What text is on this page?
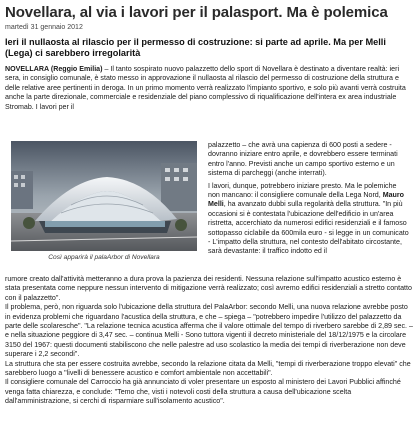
Novellara, al via i lavori per il palasport. Ma è polemica
martedì 31 gennaio 2012
Ieri il nullaosta al rilascio per il permesso di costruzione: si parte ad aprile. Ma per Melli (Lega) ci sarebbero irregolarità

NOVELLARA (Reggio Emilia) – Il tanto sospirato nuovo palazzetto dello sport di Novellara è destinato a diventare realtà: ieri sera, in consiglio comunale, è stato messo in approvazione il nullaosta al rilascio del permesso di costruzione della struttura e delle relative aree pertinenti in deroga. In un primo momento verrà realizzato l'impianto sportivo, e solo più avanti verrà costruita anche la parte direzionale, commerciale e residenziale del piano complessivo di riqualificazione dell'intera ex area industriale Stromab. I lavori per il

Così apparirà il palaArbor di Novellara

palazzetto – che avrà una capienza di 600 posti a sedere - dovranno iniziare entro aprile, e dovrebbero essere terminati entro l'anno. Previsti anche un campo sportivo esterno e un sistema di parcheggi (anche interrati).

I lavori, dunque, potrebbero iniziare presto. Ma le polemiche non mancano: il consigliere comunale della Lega Nord, Mauro Melli, ha avanzato dubbi sulla regolarità della struttura. "In più occasioni si è contestata l'ubicazione dell'edificio in un'area ristretta, accerchiato da numerosi edifici residenziali e il famoso sottopasso ciclabile da 600mila euro - si legge in un comunicato - L'impatto della struttura, nel contesto dell'abitato circostante, sarà devastante: il traffico indotto ed il

rumore creato dall'attività metteranno a dura prova la pazienza dei residenti. Nessuna relazione sull'impatto acustico esterno è stata presentata come neppure nessun intervento di mitigazione verrà realizzato; così avremo edifici residenziali a stretto contatto con il palazzetto".

Il problema, però, non riguarda solo l'ubicazione della struttura del PalaArbor: secondo Melli, una nuova relazione avrebbe posto in evidenza problemi che riguardano l'acustica della struttura, e che – spiega – "potrebbero impedire l'utilizzo del palazzetto da parte delle scolaresche". "La relazione tecnica acustica afferma che il valore ottimale del tempo di riverbero sarebbe di 2,89 sec. – e nella situazione peggiore di 3,47 sec. – continua Melli - Sono tuttora vigenti il decreto ministeriale del 18/12/1975 e la circolare 3150 del 1967: questi documenti stabiliscono che nelle palestre ad uso scolastico la media dei tempi di riverberazione non deve superare i 2,2 secondi".

La struttura che sta per essere costruita avrebbe, secondo la relazione citata da Melli, "tempi di riverberazione troppo elevati" che sarebbero luogo a "livelli di benessere acustico e comfort ambientale non accettabili".

Il consigliere comunale del Carroccio ha già annunciato di voler presentare un esposto al ministero dei Lavori Pubblici affinché venga fatta chiarezza, e conclude: "Temo che, visti i notevoli costi della struttura a causa dell'ubicazione scelta dall'amministrazione, si cerchi di risparmiare sull'isolamento acustico".
